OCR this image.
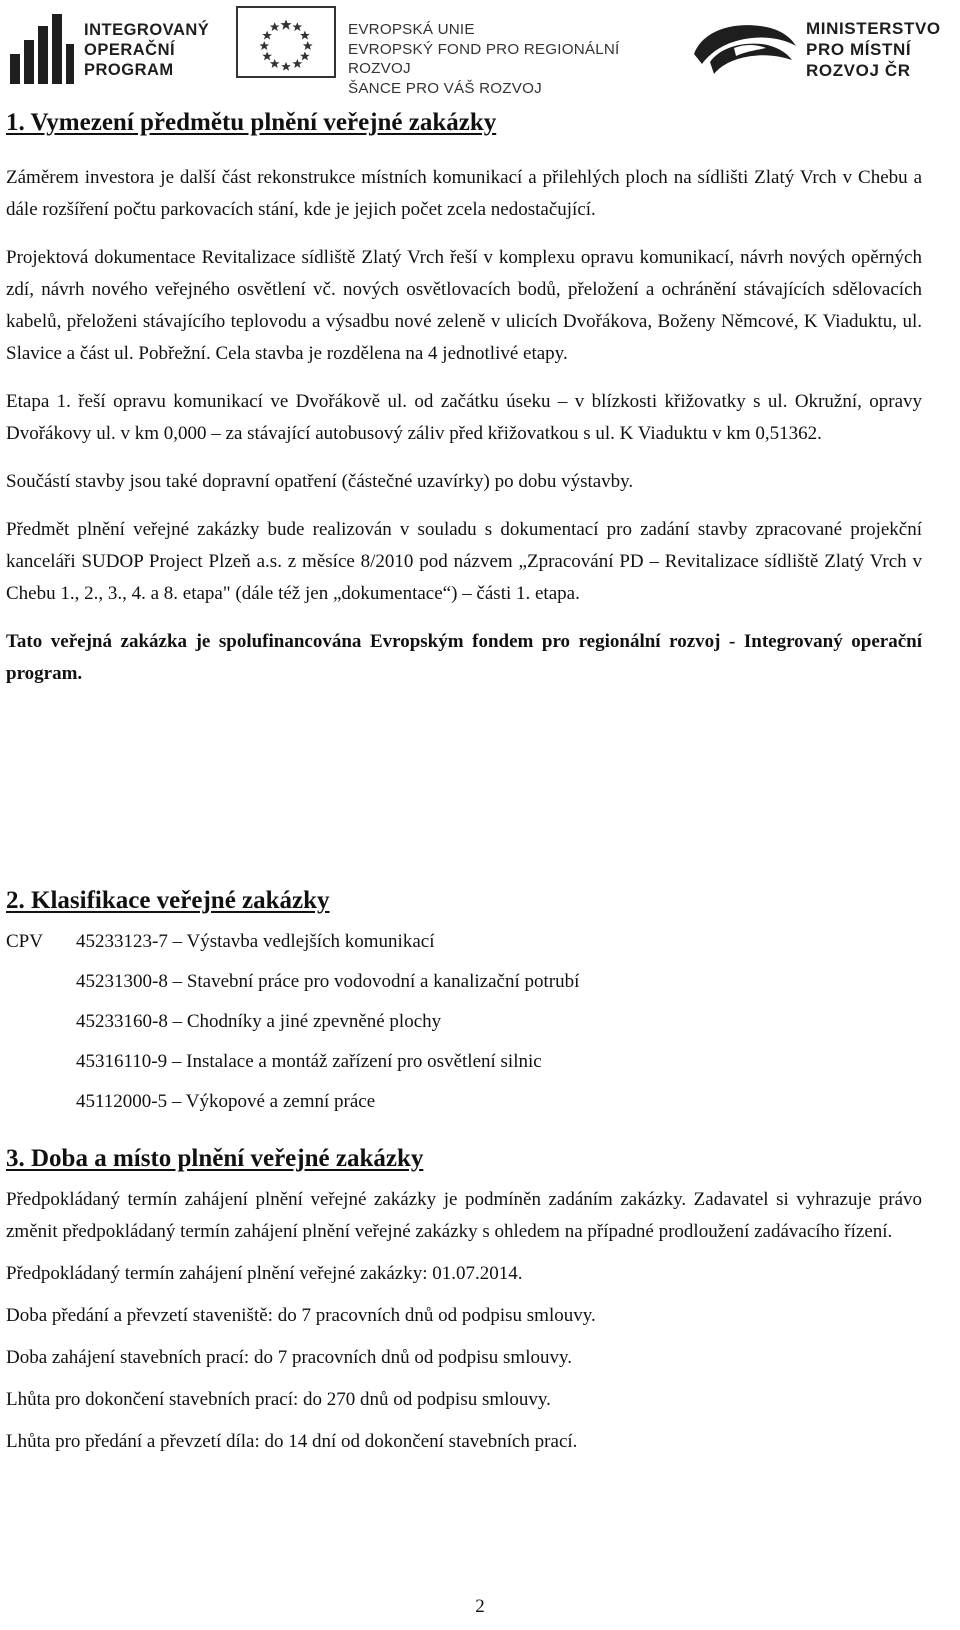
INTEGROVANÝ
OPERAČNÍ
PROGRAM
EVROPSKÁ UNIE
EVROPSKÝ FOND PRO REGIONÁLNÍ ROZVOJ
ŠANCE PRO VÁŠ ROZVOJ
MINISTERSTVO
PRO MÍSTNÍ
ROZVOJ ČR
1. Vymezení předmětu plnění veřejné zakázky

Záměrem investora je další část rekonstrukce místních komunikací a přilehlých ploch na sídlišti Zlatý Vrch v Chebu a dále rozšíření počtu parkovacích stání, kde je jejich počet zcela nedostačující.

Projektová dokumentace Revitalizace sídliště Zlatý Vrch řeší v komplexu opravu komunikací, návrh nových opěrných zdí, návrh nového veřejného osvětlení vč. nových osvětlovacích bodů, přeložení a ochránění stávajících sdělovacích kabelů, přeloženi stávajícího teplovodu a výsadbu nové zeleně v ulicích Dvořákova, Boženy Němcové, K Viaduktu, ul. Slavice a část ul. Pobřežní. Cela stavba je rozdělena na 4 jednotlivé etapy.

Etapa 1. řeší opravu komunikací ve Dvořákově ul. od začátku úseku – v blízkosti křižovatky s ul. Okružní, opravy Dvořákovy ul. v km 0,000 – za stávající autobusový záliv před křižovatkou s ul. K Viaduktu v km 0,51362.

Součástí stavby jsou také dopravní opatření (částečné uzavírky) po dobu výstavby.

Předmět plnění veřejné zakázky bude realizován v souladu s dokumentací pro zadání stavby zpracované projekční kanceláři SUDOP Project Plzeň a.s. z měsíce 8/2010 pod názvem „Zpracování PD – Revitalizace sídliště Zlatý Vrch v Chebu 1., 2., 3., 4. a 8. etapa" (dále též jen „dokumentace“) – části 1. etapa.

Tato veřejná zakázka je spolufinancována Evropským fondem pro regionální rozvoj - Integrovaný operační program.

2. Klasifikace veřejné zakázky
CPV 45233123-7 – Výstavba vedlejších komunikací
45231300-8 – Stavební práce pro vodovodní a kanalizační potrubí
45233160-8 – Chodníky a jiné zpevněné plochy
45316110-9 – Instalace a montáž zařízení pro osvětlení silnic
45112000-5 – Výkopové a zemní práce
3. Doba a místo plnění veřejné zakázky

Předpokládaný termín zahájení plnění veřejné zakázky je podmíněn zadáním zakázky. Zadavatel si vyhrazuje právo změnit předpokládaný termín zahájení plnění veřejné zakázky s ohledem na případné prodloužení zadávacího řízení.

Předpokládaný termín zahájení plnění veřejné zakázky: 01.07.2014.

Doba předání a převzetí staveniště: do 7 pracovních dnů od podpisu smlouvy.

Doba zahájení stavebních prací: do 7 pracovních dnů od podpisu smlouvy.

Lhůta pro dokončení stavebních prací: do 270 dnů od podpisu smlouvy.

Lhůta pro předání a převzetí díla: do 14 dní od dokončení stavebních prací.

2
